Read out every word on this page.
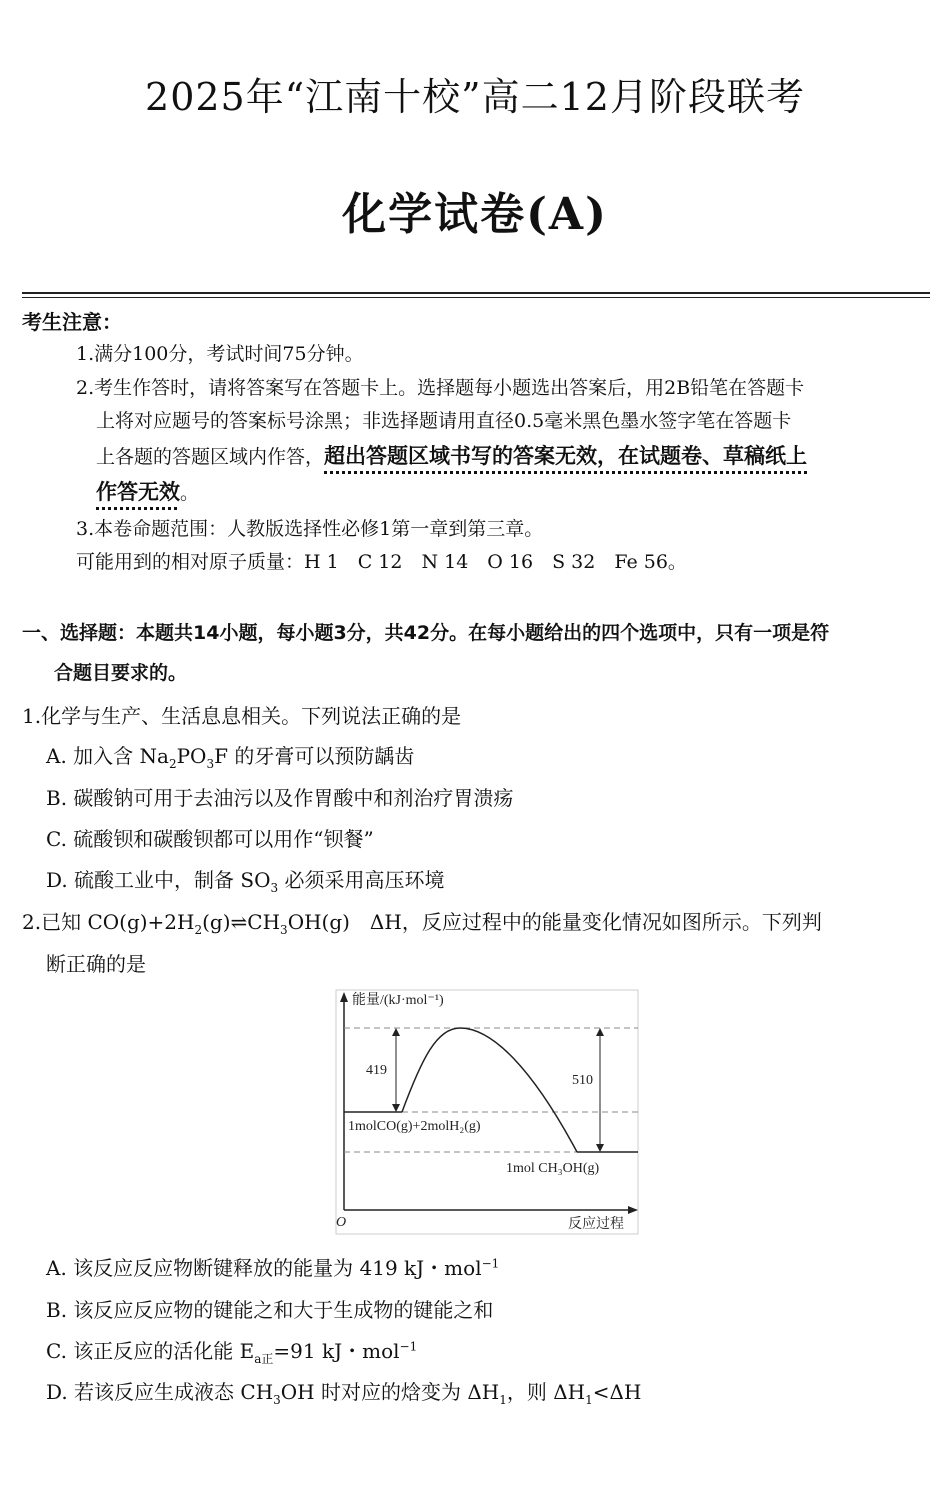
2025年“江南十校”高二12月阶段联考
化学试卷(A)
考生注意：
1.满分100分，考试时间75分钟。
2.考生作答时，请将答案写在答题卡上。选择题每小题选出答案后，用2B铅笔在答题卡
上将对应题号的答案标号涂黑；非选择题请用直径0.5毫米黑色墨水签字笔在答题卡
上各题的答题区域内作答，超出答题区域书写的答案无效，在试题卷、草稿纸上
作答无效。
3.本卷命题范围：人教版选择性必修1第一章到第三章。
可能用到的相对原子质量：H 1　C 12　N 14　O 16　S 32　Fe 56。
一、选择题：本题共14小题，每小题3分，共42分。在每小题给出的四个选项中，只有一项是符
合题目要求的。
1.化学与生产、生活息息相关。下列说法正确的是
A. 加入含 $Na_2PO_3F$ 的牙膏可以预防龋齿
B. 碳酸钠可用于去油污以及作胃酸中和剂治疗胃溃疡
C. 硫酸钡和碳酸钡都可以用作“钡餐”
D. 硫酸工业中，制备 $SO_3$ 必须采用高压环境
2.已知 $CO(g)+2H_2(g)\rightleftharpoons CH_3OH(g)$　ΔH，反应过程中的能量变化情况如图所示。下列判
断正确的是
能量/(kJ·mol⁻¹)
419
510
1molCO(g)+2molH₂(g)
1mol CH₃OH(g)
O	反应过程
A. 该反应反应物断键释放的能量为 419 kJ・mol$^{-1}$
B. 该反应反应物的键能之和大于生成物的键能之和
C. 该正反应的活化能 $E_{a正}=91$ kJ・mol$^{-1}$
D. 若该反应生成液态 $CH_3OH$ 时对应的焓变为 $\Delta H_1$，则 $\Delta H_1<\Delta H$
